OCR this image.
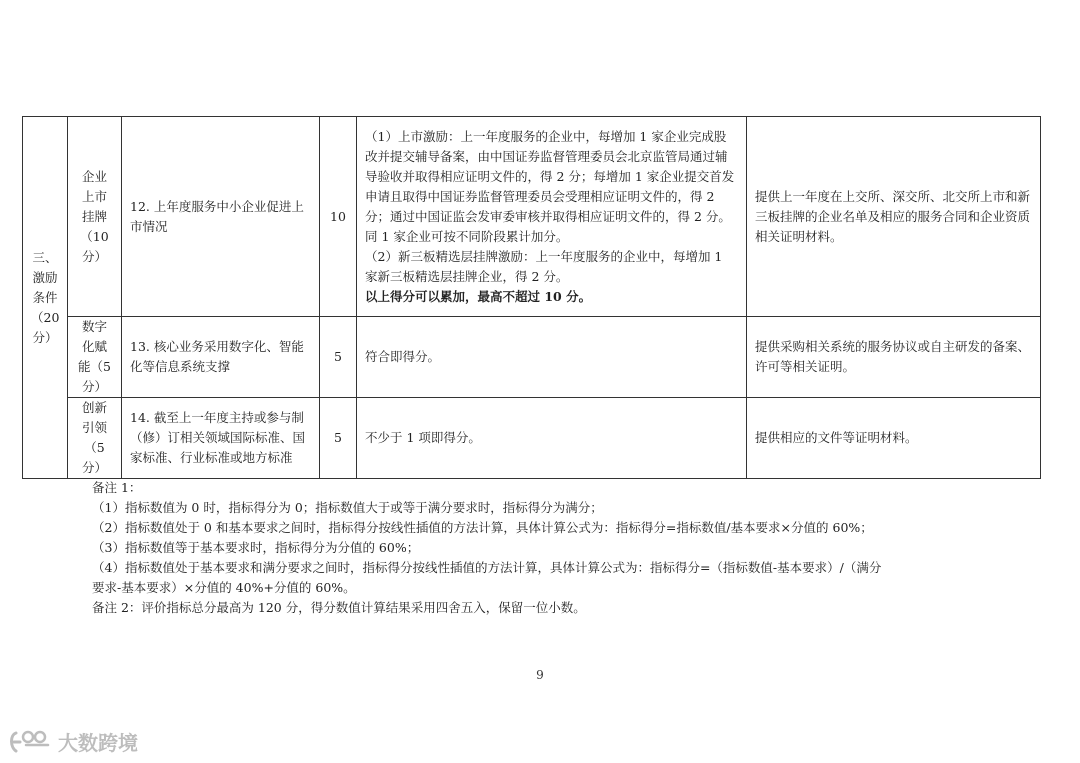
三、激励条件（20分）	企业上市挂牌（10分）	12. 上年度服务中小企业促进上市情况	10	（1）上市激励：上一年度服务的企业中，每增加 1 家企业完成股改并提交辅导备案，由中国证券监督管理委员会北京监管局通过辅导验收并取得相应证明文件的，得 2 分；每增加 1 家企业提交首发申请且取得中国证券监督管理委员会受理相应证明文件的，得 2 分；通过中国证监会发审委审核并取得相应证明文件的，得 2 分。同 1 家企业可按不同阶段累计加分。
（2）新三板精选层挂牌激励：上一年度服务的企业中，每增加 1 家新三板精选层挂牌企业，得 2 分。
以上得分可以累加，最高不超过 10 分。	提供上一年度在上交所、深交所、北交所上市和新三板挂牌的企业名单及相应的服务合同和企业资质相关证明材料。
	数字化赋能（5分）	13. 核心业务采用数字化、智能化等信息系统支撑	5	符合即得分。	提供采购相关系统的服务协议或自主研发的备案、许可等相关证明。
	创新引领（5分）	14. 截至上一年度主持或参与制（修）订相关领域国际标准、国家标准、行业标准或地方标准	5	不少于 1 项即得分。	提供相应的文件等证明材料。
备注 1：
（1）指标数值为 0 时，指标得分为 0；指标数值大于或等于满分要求时，指标得分为满分；
（2）指标数值处于 0 和基本要求之间时，指标得分按线性插值的方法计算，具体计算公式为：指标得分=指标数值/基本要求×分值的 60%；
（3）指标数值等于基本要求时，指标得分为分值的 60%；
（4）指标数值处于基本要求和满分要求之间时，指标得分按线性插值的方法计算，具体计算公式为：指标得分=（指标数值-基本要求）/（满分
要求-基本要求）×分值的 40%+分值的 60%。
备注 2：评价指标总分最高为 120 分，得分数值计算结果采用四舍五入，保留一位小数。
9
大数跨境
